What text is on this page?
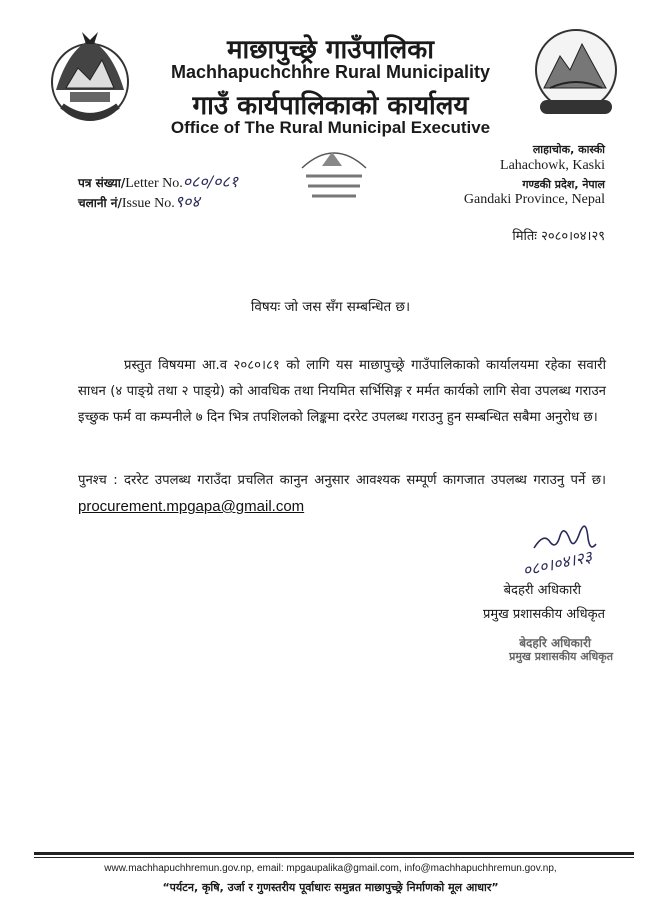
माछापुच्छ्रे गाउँपालिका
Machhapuchchhre Rural Municipality
गाउँ कार्यपालिकाको कार्यालय
Office of The Rural Municipal Executive
पत्र संख्या/Letter No.०८०/०८१
चलानी नं/Issue No.९०४
लाहाचोक, कास्की
Lahachowk, Kaski
गण्डकी प्रदेश, नेपाल
Gandaki Province, Nepal
मितिः २०८०।०४।२९
विषयः जो जस सँग सम्बन्धित छ।
प्रस्तुत विषयमा आ.व २०८०।८१ को लागि यस माछापुच्छ्रे गाउँपालिकाको कार्यालयमा रहेका सवारी साधन (४ पाङ्ग्रे तथा २ पाङ्ग्रे) को आवधिक तथा नियमित सर्भिसिङ्ग र मर्मत कार्यको लागि सेवा उपलब्ध गराउन इच्छुक फर्म वा कम्पनीले ७ दिन भित्र तपशिलको लिङ्कमा दररेट उपलब्ध गराउनु हुन सम्बन्धित सबैमा अनुरोध छ।
पुनश्च : दररेट उपलब्ध गराउँदा प्रचलित कानुन अनुसार आवश्यक सम्पूर्ण कागजात उपलब्ध गराउनु पर्ने छ। procurement.mpgapa@gmail.com
०८०।०४।२३
बेदहरी अधिकारी
प्रमुख प्रशासकीय अधिकृत
बेदहरि अधिकारी
प्रमुख प्रशासकीय अधिकृत
www.machhapuchhremun.gov.np, email: mpgaupalika@gmail.com, info@machhapuchhremun.gov.np,
“पर्यटन, कृषि, उर्जा र गुणस्तरीय पूर्वाधारः समुन्नत माछापुच्छ्रे निर्माणको मूल आधार”
